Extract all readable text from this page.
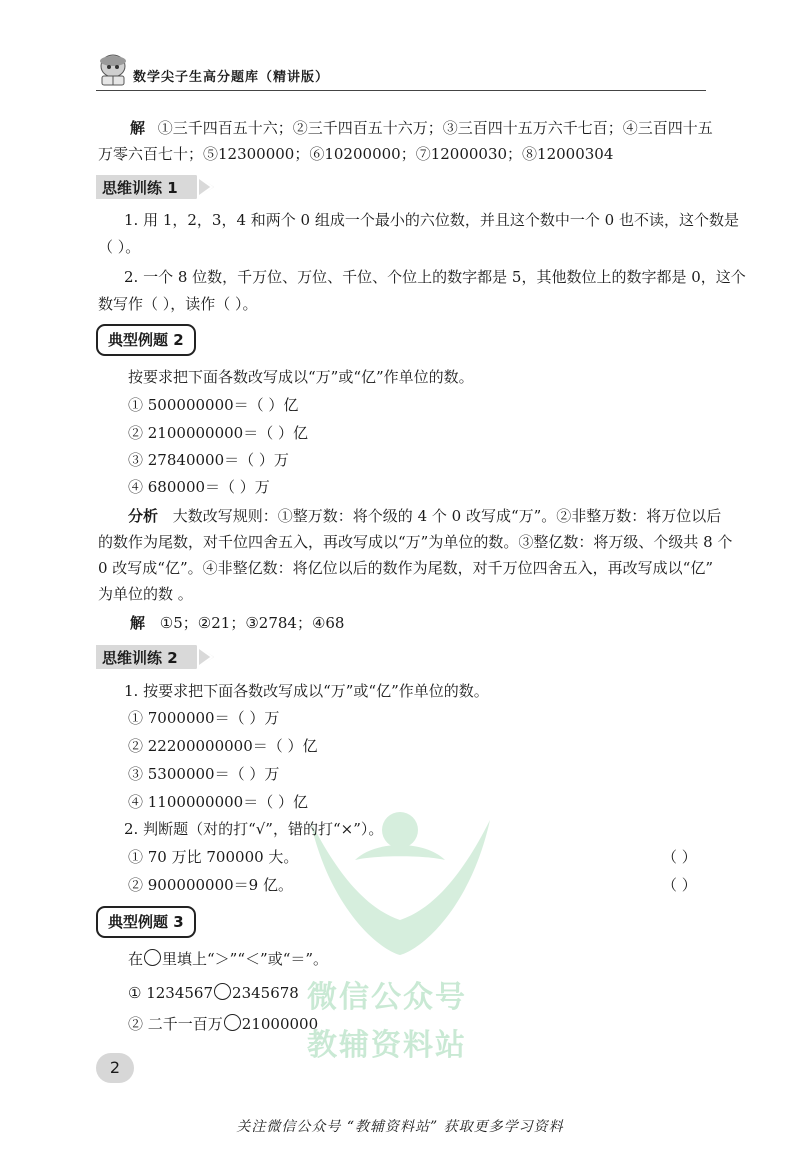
数学尖子生高分题库（精讲版）
微信公众号
教辅资料站
解 ①三千四百五十六；②三千四百五十六万；③三百四十五万六千七百；④三百四十五
万零六百七十；⑤12300000；⑥10200000；⑦12000030；⑧12000304
思维训练 1
1. 用 1，2，3，4 和两个 0 组成一个最小的六位数，并且这个数中一个 0 也不读，这个数是
（ ）。
2. 一个 8 位数，千万位、万位、千位、个位上的数字都是 5，其他数位上的数字都是 0，这个
数写作（ ），读作（ ）。
典型例题 2
按要求把下面各数改写成以“万”或“亿”作单位的数。
① 500000000＝（ ）亿
② 2100000000＝（ ）亿
③ 27840000＝（ ）万
④ 680000＝（ ）万
分析 大数改写规则：①整万数：将个级的 4 个 0 改写成“万”。②非整万数：将万位以后
的数作为尾数，对千位四舍五入，再改写成以“万”为单位的数。③整亿数：将万级、个级共 8 个
0 改写成“亿”。④非整亿数：将亿位以后的数作为尾数，对千万位四舍五入，再改写成以“亿”
为单位的数 。
解 ①5；②21；③2784；④68
思维训练 2
1. 按要求把下面各数改写成以“万”或“亿”作单位的数。
① 7000000＝（ ）万
② 22200000000＝（ ）亿
③ 5300000＝（ ）万
④ 1100000000＝（ ）亿
2. 判断题（对的打“√”，错的打“×”）。
① 70 万比 700000 大。	（ ）
② 900000000＝9 亿。	（ ）
典型例题 3
在 里填上“＞”“＜”或“＝”。
① 1234567 2345678
② 二千一百万 21000000
2
关注微信公众号 “教辅资料站” 获取更多学习资料
